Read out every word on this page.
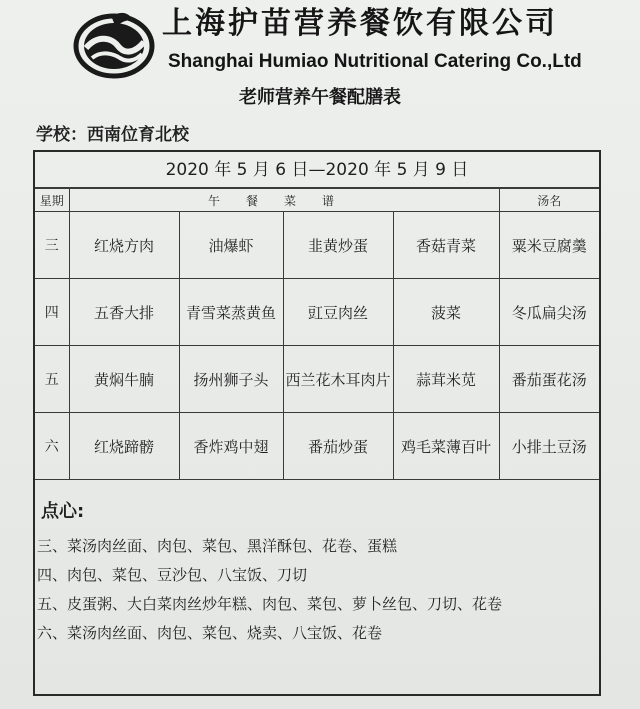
上海护苗营养餐饮有限公司
Shanghai Humiao Nutritional Catering Co.,Ltd
老师营养午餐配膳表
学校：西南位育北校
2020 年 5 月 6 日—2020 年 5 月 9 日
星期	午餐菜谱				汤名
三	红烧方肉	油爆虾	韭黄炒蛋	香菇青菜	粟米豆腐羹
四	五香大排	青雪菜蒸黄鱼	豇豆肉丝	菠菜	冬瓜扁尖汤
五	黄焖牛腩	扬州狮子头	西兰花木耳肉片	蒜茸米苋	番茄蛋花汤
六	红烧蹄髈	香炸鸡中翅	番茄炒蛋	鸡毛菜薄百叶	小排土豆汤
点心:
三、菜汤肉丝面、肉包、菜包、黑洋酥包、花卷、蛋糕
四、肉包、菜包、豆沙包、八宝饭、刀切
五、皮蛋粥、大白菜肉丝炒年糕、肉包、菜包、萝卜丝包、刀切、花卷
六、菜汤肉丝面、肉包、菜包、烧卖、八宝饭、花卷
